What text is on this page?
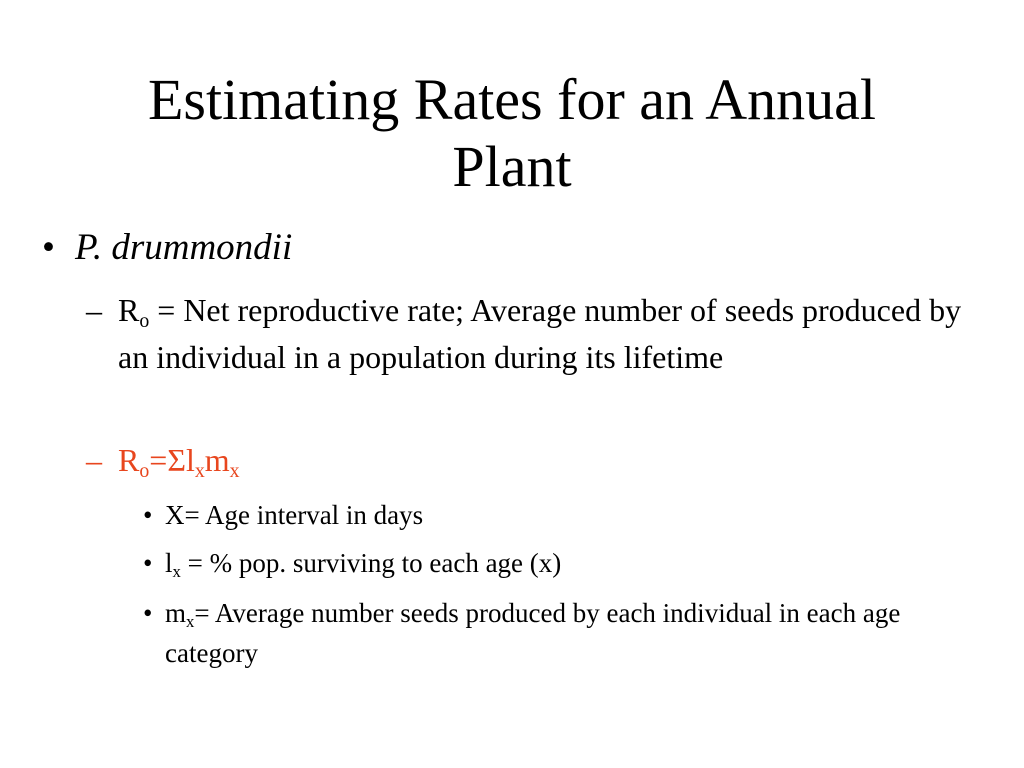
Estimating Rates for an Annual
Plant

• P. drummondii

– $R_o$ = Net reproductive rate; Average number of seeds produced by an individual in a population during its lifetime

– $R_o=\Sigma l_xm_x$

• X= Age interval in days

• $l_x$ = % pop. surviving to each age (x)

• $m_x=$ Average number seeds produced by each individual in each age category
